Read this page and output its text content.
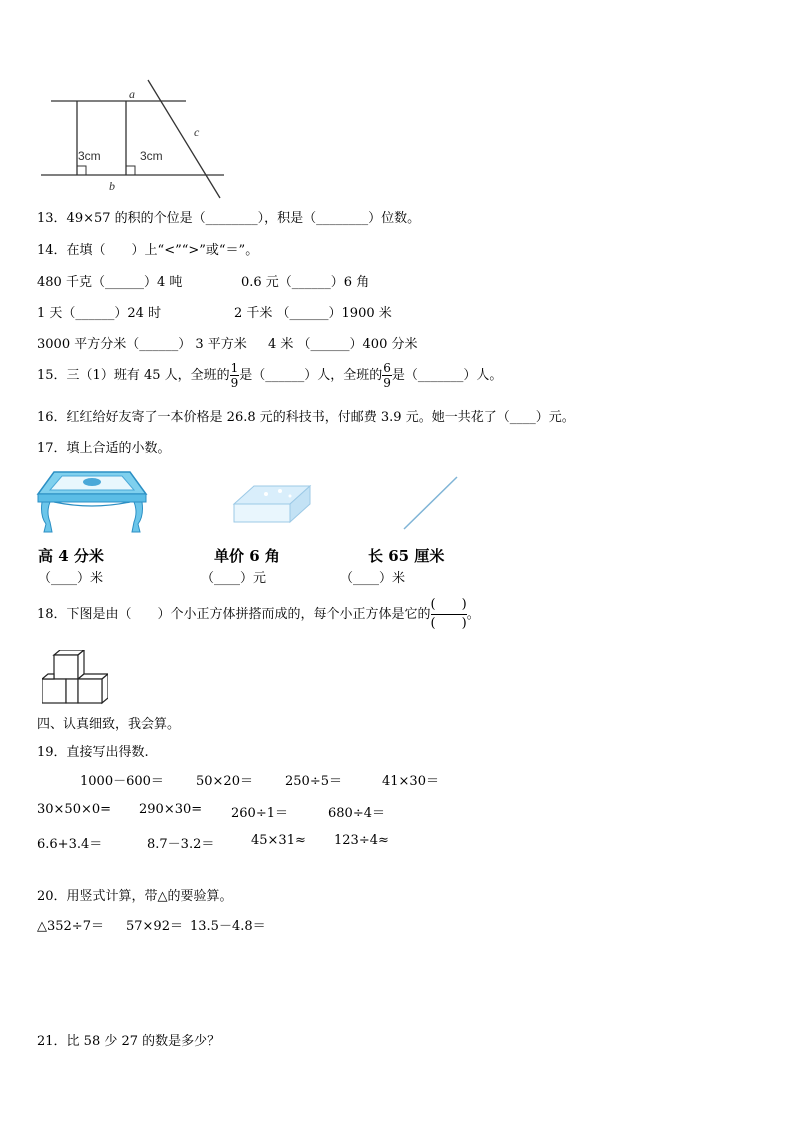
a
b
c
3cm	3cm
13．49×57 的积的个位是（________），积是（________）位数。
14．在填（　　）上“<”“>”或“＝”。
480 千克（______）4 吨	0.6 元（______）6 角
1 天（______）24 时	2 千米 （______）1900 米
3000 平方分米（______） 3 平方米 4 米 （______）400 分米
15．三（1）班有 45 人，全班的 $\frac{1}{9}$ 是（______）人，全班的 $\frac{6}{9}$ 是（_______）人。
16．红红给好友寄了一本价格是 26.8 元的科技书，付邮费 3.9 元。她一共花了（____）元。
17．填上合适的小数。
高 4 分米
（____）米
单价 6 角
（____）元
长 65 厘米
（____）米
18．下图是由（　　）个小正方体拼搭而成的，每个小正方体是它的
(　　)
(　　)
。
四、认真细致，我会算。
19．直接写出得数.
1000－600＝ 50×20＝ 250÷5＝	41×30＝
30×50×0= 290×30= 260÷1＝	680÷4＝
6.6+3.4＝	8.7－3.2＝	45×31≈ 123÷4≈
20．用竖式计算，带△的要验算。
△352÷7＝ 57×92＝ 13.5－4.8＝
21．比 58 少 27 的数是多少？
